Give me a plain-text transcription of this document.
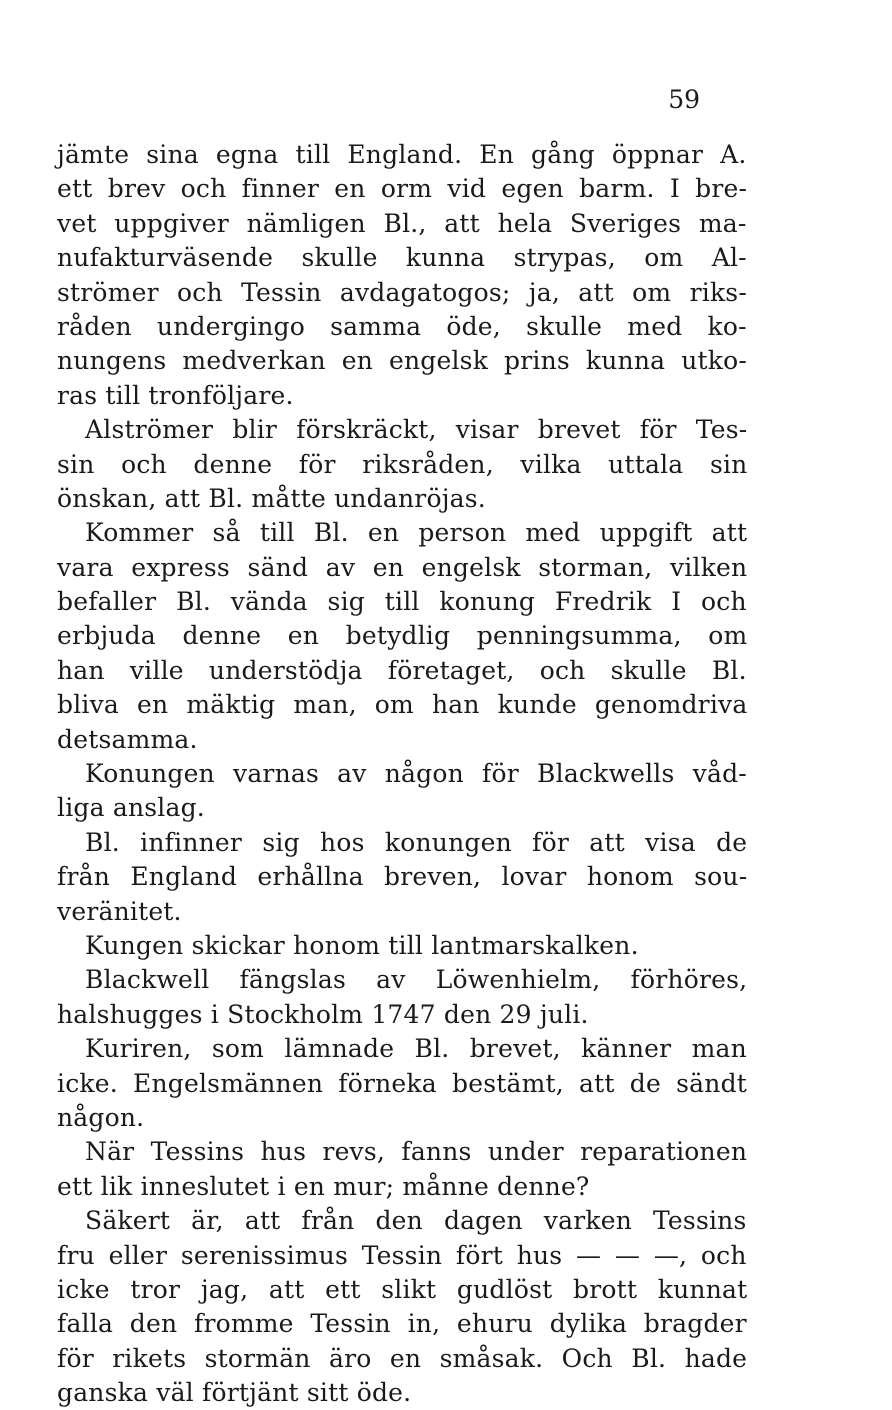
59
jämte sina egna till England. En gång öppnar A.
ett brev och finner en orm vid egen barm. I bre-
vet uppgiver nämligen Bl., att hela Sveriges ma-
nufakturväsende skulle kunna strypas, om Al-
strömer och Tessin avdagatogos; ja, att om riks-
råden undergingo samma öde, skulle med ko-
nungens medverkan en engelsk prins kunna utko-
ras till tronföljare.
Alströmer blir förskräckt, visar brevet för Tes-
sin och denne för riksråden, vilka uttala sin
önskan, att Bl. måtte undanröjas.
Kommer så till Bl. en person med uppgift att
vara express sänd av en engelsk storman, vilken
befaller Bl. vända sig till konung Fredrik I och
erbjuda denne en betydlig penningsumma, om
han ville understödja företaget, och skulle Bl.
bliva en mäktig man, om han kunde genomdriva
detsamma.
Konungen varnas av någon för Blackwells våd-
liga anslag.
Bl. infinner sig hos konungen för att visa de
från England erhållna breven, lovar honom sou-
veränitet.
Kungen skickar honom till lantmarskalken.
Blackwell fängslas av Löwenhielm, förhöres,
halshugges i Stockholm 1747 den 29 juli.
Kuriren, som lämnade Bl. brevet, känner man
icke. Engelsmännen förneka bestämt, att de sändt
någon.
När Tessins hus revs, fanns under reparationen
ett lik inneslutet i en mur; månne denne?
Säkert är, att från den dagen varken Tessins
fru eller serenissimus Tessin fört hus — — —, och
icke tror jag, att ett slikt gudlöst brott kunnat
falla den fromme Tessin in, ehuru dylika bragder
för rikets stormän äro en småsak. Och Bl. hade
ganska väl förtjänt sitt öde.
